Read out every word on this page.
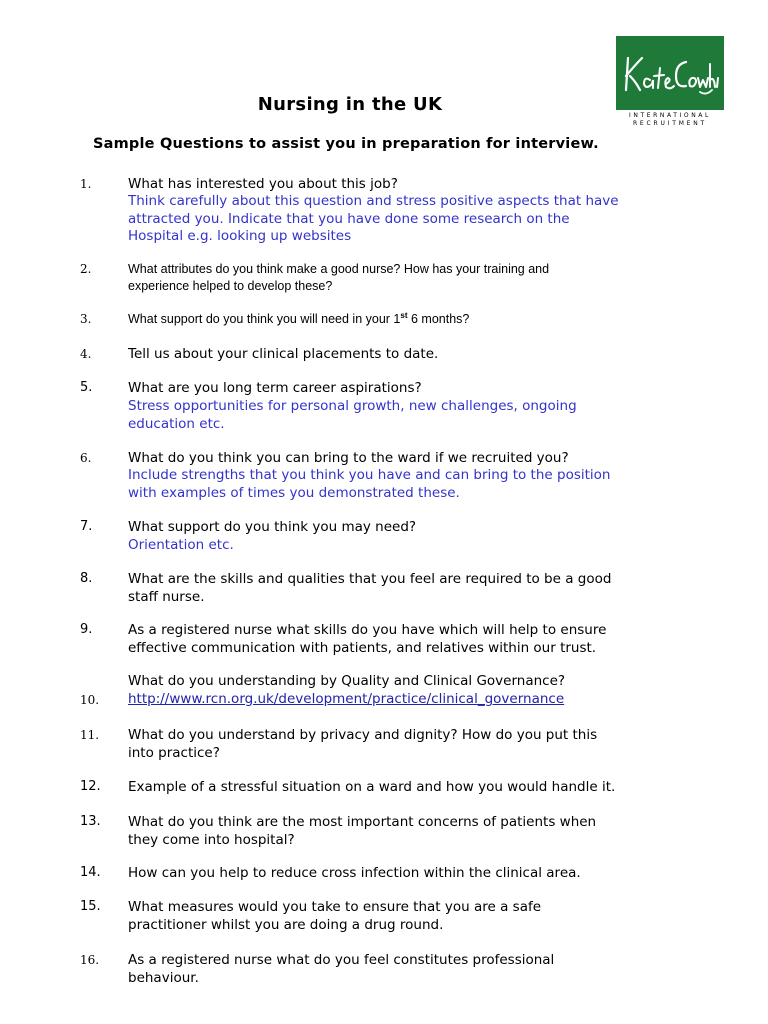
INTERNATIONAL
RECRUITMENT
Nursing in the UK
Sample Questions to assist you in preparation for interview.
1.	What has interested you about this job?
Think carefully about this question and stress positive aspects that have
attracted you. Indicate that you have done some research on the
Hospital e.g. looking up websites
2.	What attributes do you think make a good nurse? How has your training and
experience helped to develop these?
3.	What support do you think you will need in your 1st 6 months?
4.	Tell us about your clinical placements to date.
5.	What are you long term career aspirations?
Stress opportunities for personal growth, new challenges, ongoing
education etc.
6.	What do you think you can bring to the ward if we recruited you?
Include strengths that you think you have and can bring to the position
with examples of times you demonstrated these.
7.	What support do you think you may need?
Orientation etc.
8.	What are the skills and qualities that you feel are required to be a good
staff nurse.
9.	As a registered nurse what skills do you have which will help to ensure
effective communication with patients, and relatives within our trust.
10.
What do you understanding by Quality and Clinical Governance?
http://www.rcn.org.uk/development/practice/clinical_governance
11. What do you understand by privacy and dignity? How do you put this
into practice?
12. Example of a stressful situation on a ward and how you would handle it.
13. What do you think are the most important concerns of patients when
they come into hospital?
14. How can you help to reduce cross infection within the clinical area.
15. What measures would you take to ensure that you are a safe
practitioner whilst you are doing a drug round.
16. As a registered nurse what do you feel constitutes professional
behaviour.
